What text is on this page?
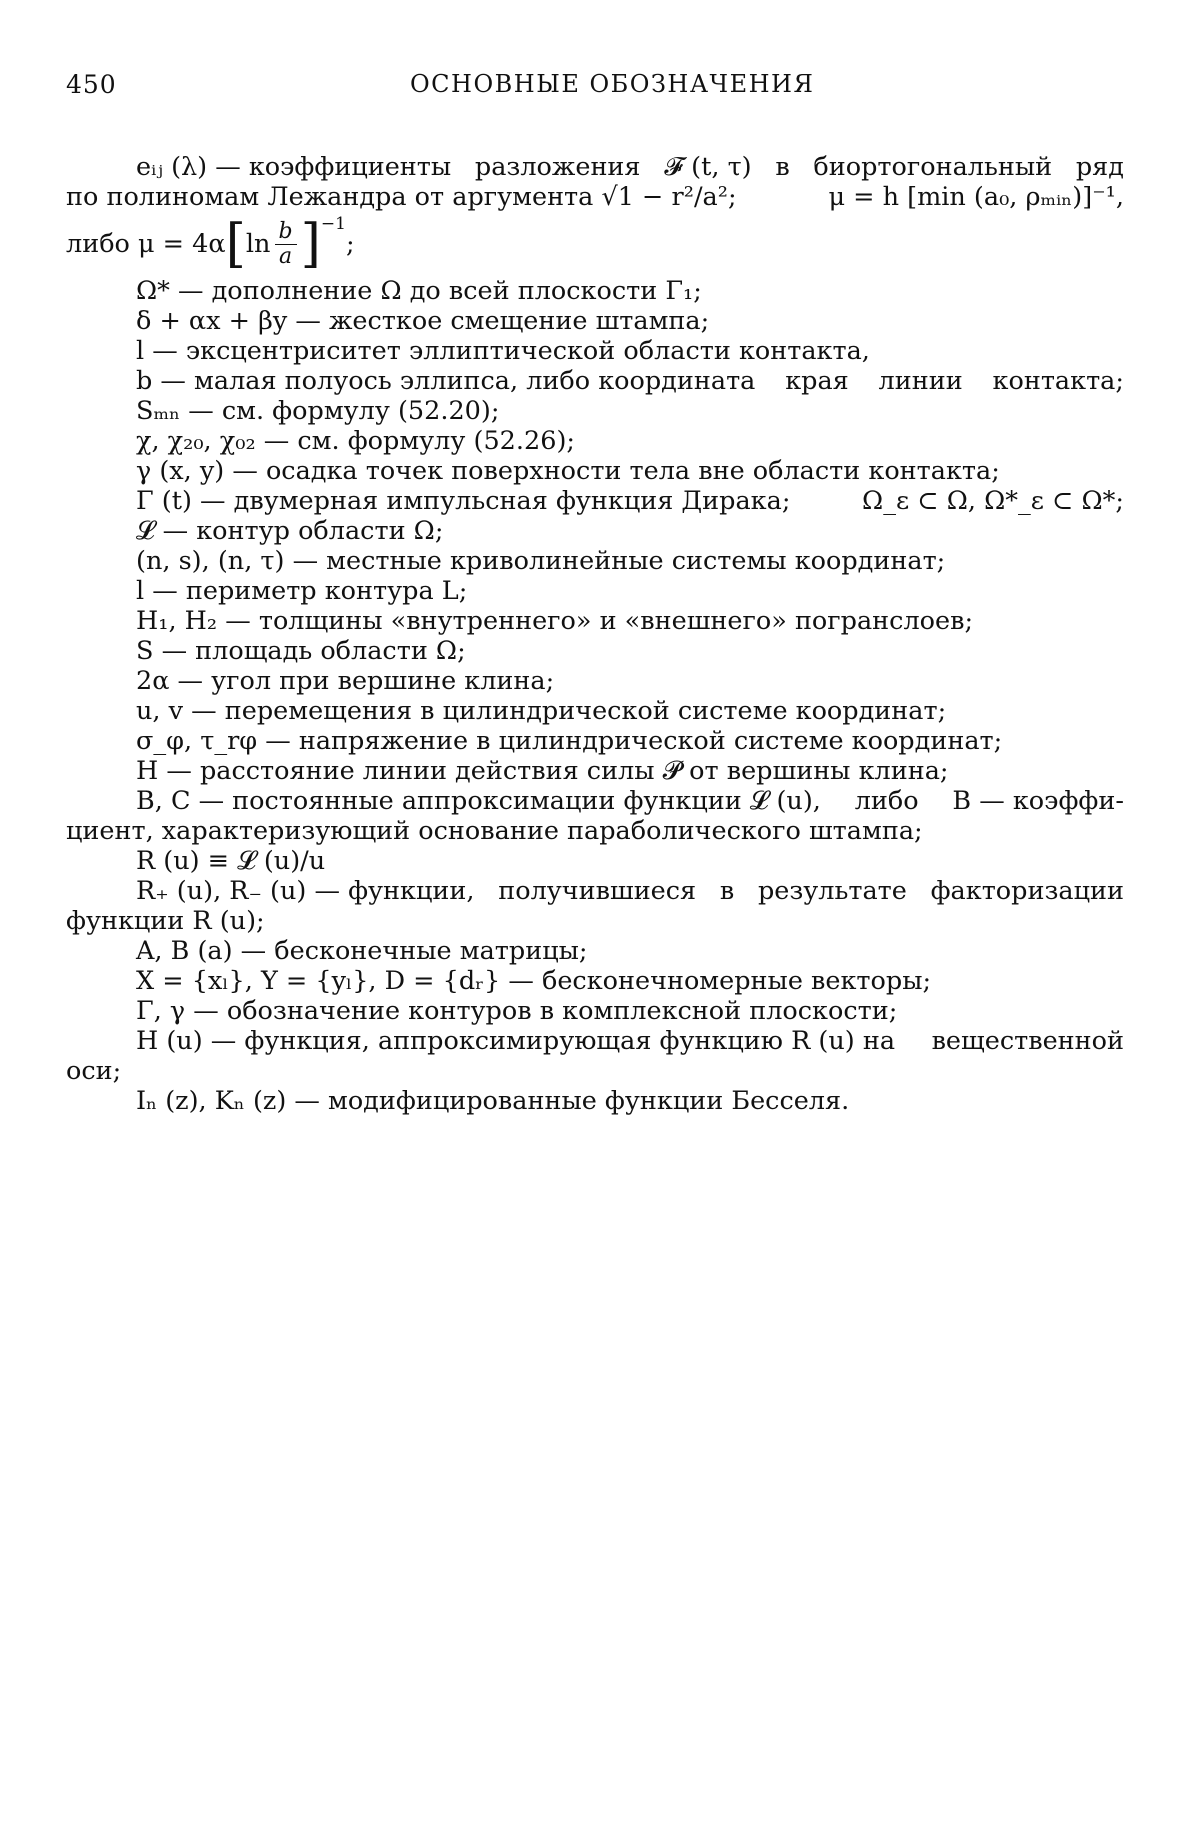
450	ОСНОВНЫЕ ОБОЗНАЧЕНИЯ
eᵢⱼ (λ) — коэффициенты разложения 𝓕 (t, τ) в биортогональный ряд
по полиномам Лежандра от аргумента √1 − r²/a²;	μ = h [min (a₀, ρₘᵢₙ)]⁻¹,
либо μ = 4α [ $\ln \frac{b}{a}$ ] −1
;
Ω* — дополнение Ω до всей плоскости Γ₁;
δ + αx + βy — жесткое смещение штампа;
l — эксцентриситет эллиптической области контакта,
b — малая полуось эллипса, либо координата края линии контакта;
Sₘₙ — см. формулу (52.20);
χ, χ₂₀, χ₀₂ — см. формулу (52.26);
γ (x, y) — осадка точек поверхности тела вне области контакта;
Γ (t) — двумерная импульсная функция Дирака;	Ω_ε ⊂ Ω, Ω*_ε ⊂ Ω*;
𝓛 — контур области Ω;
(n, s), (n, τ) — местные криволинейные системы координат;
l — периметр контура L;
H₁, H₂ — толщины «внутреннего» и «внешнего» погранслоев;
S — площадь области Ω;
2α — угол при вершине клина;
u, v — перемещения в цилиндрической системе координат;
σ_φ, τ_rφ — напряжение в цилиндрической системе координат;
H — расстояние линии действия силы 𝓟 от вершины клина;
B, C — постоянные аппроксимации функции 𝓛 (u), либо B — коэффи-
циент, характеризующий основание параболического штампа;
R (u) ≡ 𝓛 (u)/u
R₊ (u), R₋ (u) — функции, получившиеся в результате факторизации
функции R (u);
A, B (a) — бесконечные матрицы;
X = {xₗ}, Y = {yₗ}, D = {dᵣ} — бесконечномерные векторы;
Γ, γ — обозначение контуров в комплексной плоскости;
H (u) — функция, аппроксимирующая функцию R (u) на вещественной
оси;
Iₙ (z), Kₙ (z) — модифицированные функции Бесселя.
